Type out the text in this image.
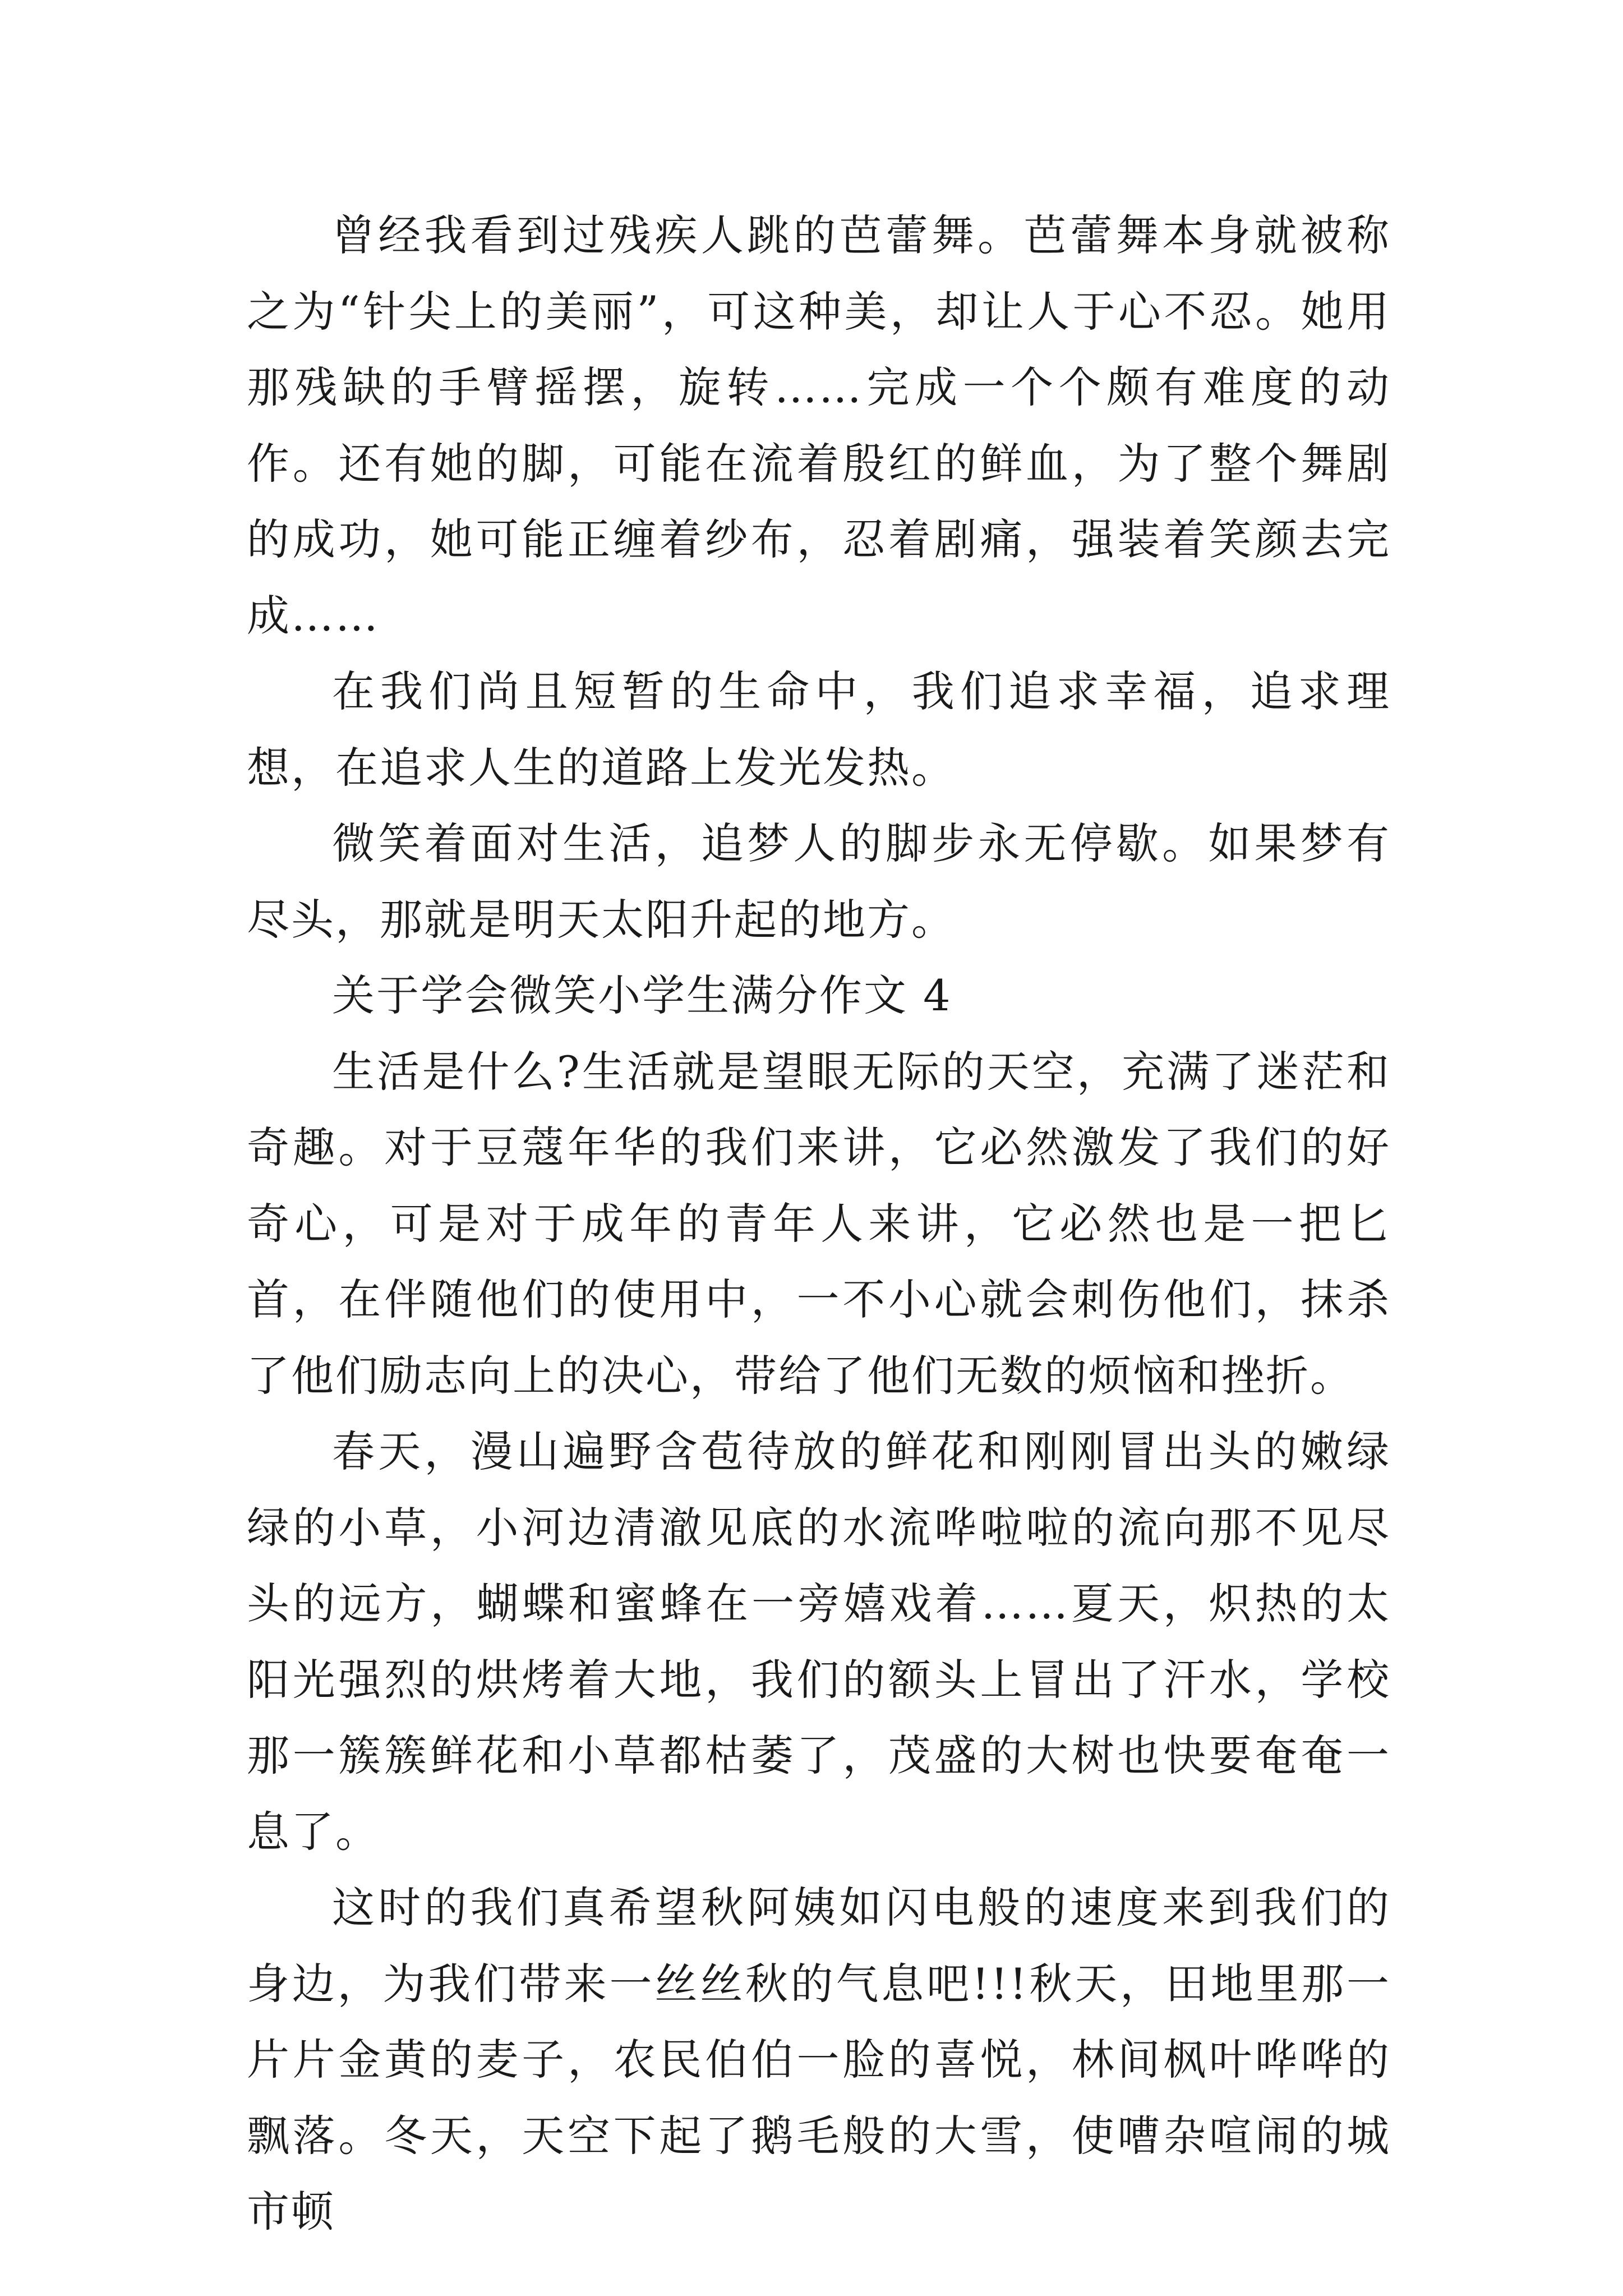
曾经我看到过残疾人跳的芭蕾舞。芭蕾舞本身就被称之为“针尖上的美丽”，可这种美，却让人于心不忍。她用那残缺的手臂摇摆，旋转……完成一个个颇有难度的动作。还有她的脚，可能在流着殷红的鲜血，为了整个舞剧的成功，她可能正缠着纱布，忍着剧痛，强装着笑颜去完成……

在我们尚且短暂的生命中，我们追求幸福，追求理想，在追求人生的道路上发光发热。

微笑着面对生活，追梦人的脚步永无停歇。如果梦有尽头，那就是明天太阳升起的地方。

关于学会微笑小学生满分作文 4

生活是什么?生活就是望眼无际的天空，充满了迷茫和奇趣。对于豆蔻年华的我们来讲，它必然激发了我们的好奇心，可是对于成年的青年人来讲，它必然也是一把匕首，在伴随他们的使用中，一不小心就会刺伤他们，抹杀了他们励志向上的决心，带给了他们无数的烦恼和挫折。

春天，漫山遍野含苞待放的鲜花和刚刚冒出头的嫩绿绿的小草，小河边清澈见底的水流哗啦啦的流向那不见尽头的远方，蝴蝶和蜜蜂在一旁嬉戏着……夏天，炽热的太阳光强烈的烘烤着大地，我们的额头上冒出了汗水，学校那一簇簇鲜花和小草都枯萎了，茂盛的大树也快要奄奄一息了。

这时的我们真希望秋阿姨如闪电般的速度来到我们的身边，为我们带来一丝丝秋的气息吧!!!秋天，田地里那一片片金黄的麦子，农民伯伯一脸的喜悦，林间枫叶哗哗的飘落。冬天，天空下起了鹅毛般的大雪，使嘈杂喧闹的城市顿
